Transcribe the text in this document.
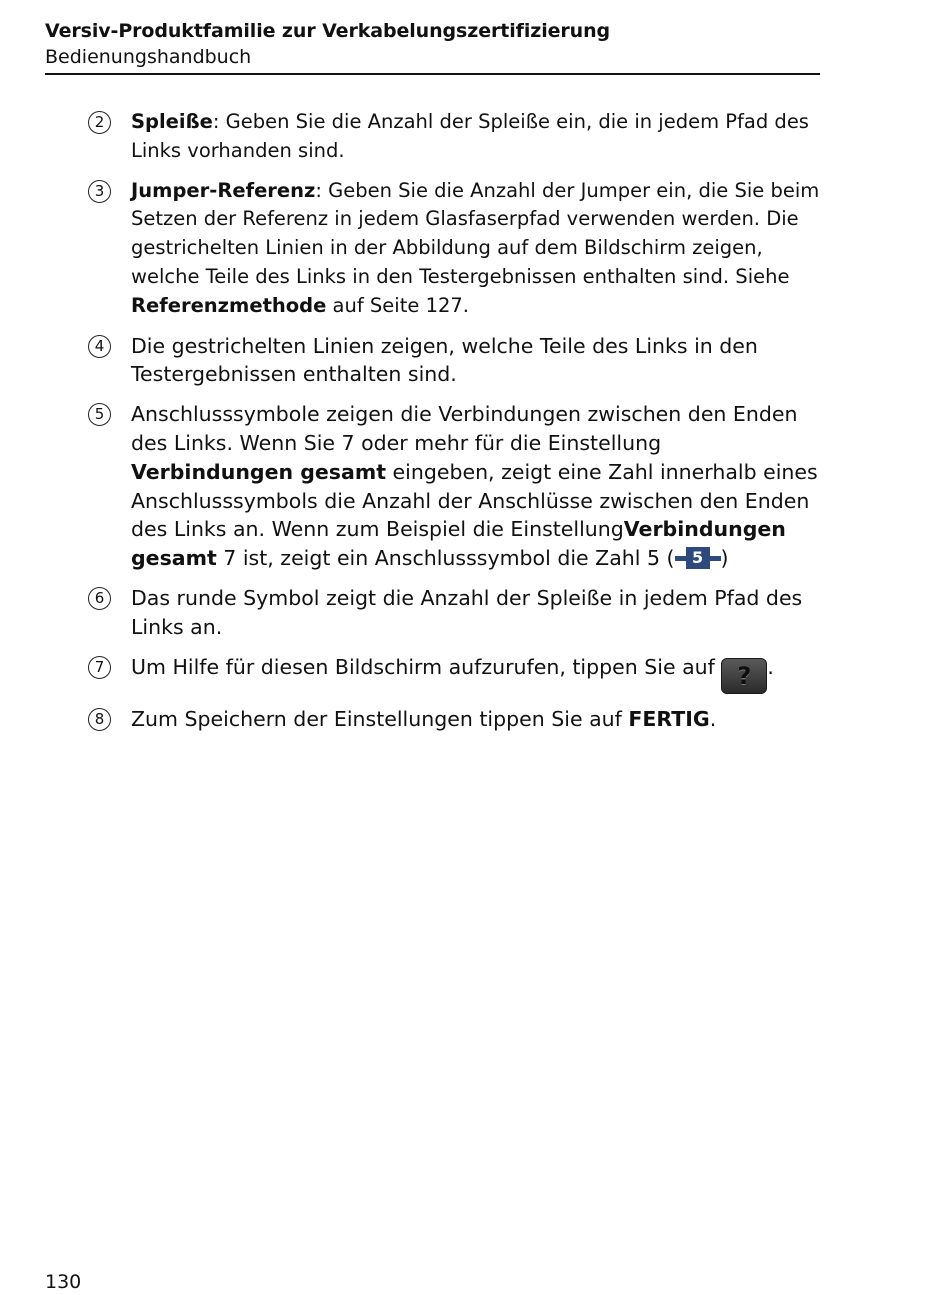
Versiv-Produktfamilie zur Verkabelungszertifizierung
Bedienungshandbuch
2	Spleiße: Geben Sie die Anzahl der Spleiße ein, die in jedem Pfad des Links vorhanden sind.
3	Jumper-Referenz: Geben Sie die Anzahl der Jumper ein, die Sie beim Setzen der Referenz in jedem Glasfaserpfad verwenden werden. Die gestrichelten Linien in der Abbildung auf dem Bildschirm zeigen, welche Teile des Links in den Testergebnissen enthalten sind. Siehe Referenzmethode auf Seite 127.
4	Die gestrichelten Linien zeigen, welche Teile des Links in den Testergebnissen enthalten sind.
5	Anschlusssymbole zeigen die Verbindungen zwischen den Enden des Links. Wenn Sie 7 oder mehr für die Einstellung Verbindungen gesamt eingeben, zeigt eine Zahl innerhalb eines Anschlusssymbols die Anzahl der Anschlüsse zwischen den Enden des Links an. Wenn zum Beispiel die EinstellungVerbindungen gesamt 7 ist, zeigt ein Anschlusssymbol die Zahl 5 (	5 )
6	Das runde Symbol zeigt die Anzahl der Spleiße in jedem Pfad des Links an.
7	Um Hilfe für diesen Bildschirm aufzurufen, tippen Sie auf ? .
8	Zum Speichern der Einstellungen tippen Sie auf FERTIG.
130
